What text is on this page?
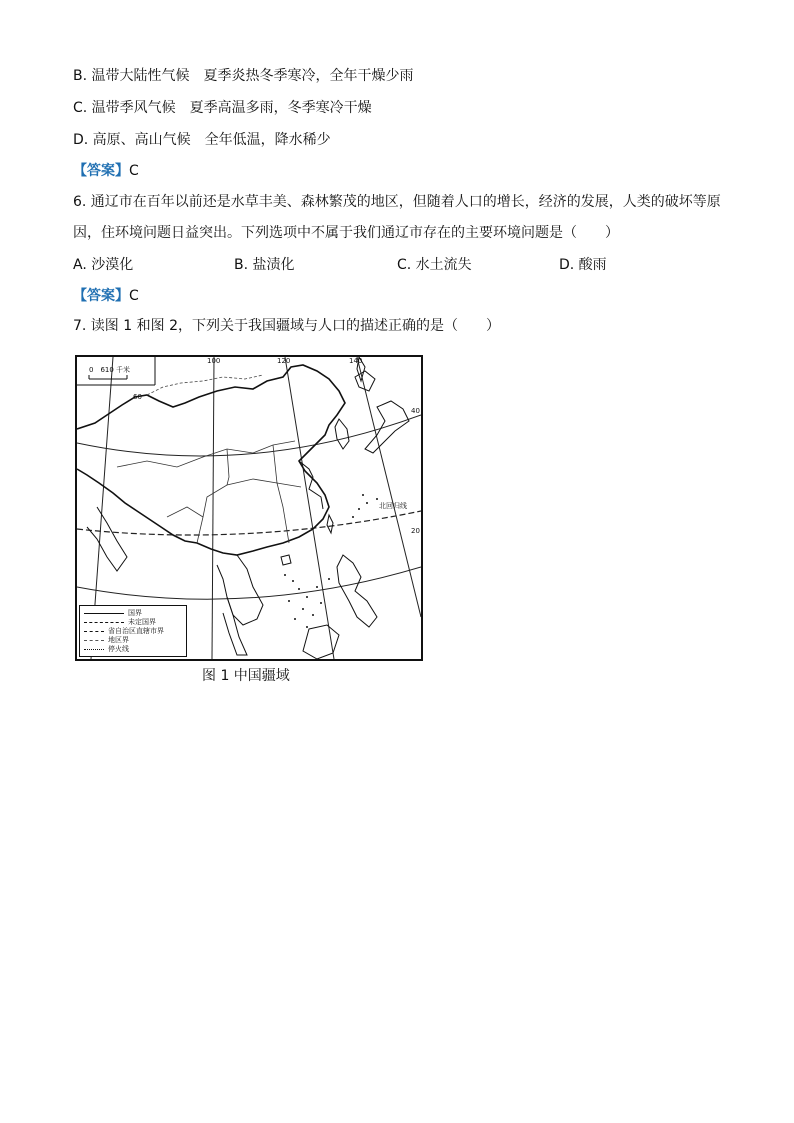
B. 温带大陆性气候　夏季炎热冬季寒冷，全年干燥少雨
C. 温带季风气候　夏季高温多雨，冬季寒冷干燥
D. 高原、高山气候　全年低温，降水稀少
【答案】C
6. 通辽市在百年以前还是水草丰美、森林繁茂的地区，但随着人口的增长，经济的发展，人类的破坏等原
因，住环境问题日益突出。下列选项中不属于我们通辽市存在的主要环境问题是（　　）
A. 沙漠化	B. 盐渍化	C. 水土流失	D. 酸雨
【答案】C
7. 读图 1 和图 2，下列关于我国疆域与人口的描述正确的是（　　）
0　610 千米
100	120	140
40
20
60
北回归线
国界
未定国界
省自治区直辖市界
地区界
停火线
图 1 中国疆域
